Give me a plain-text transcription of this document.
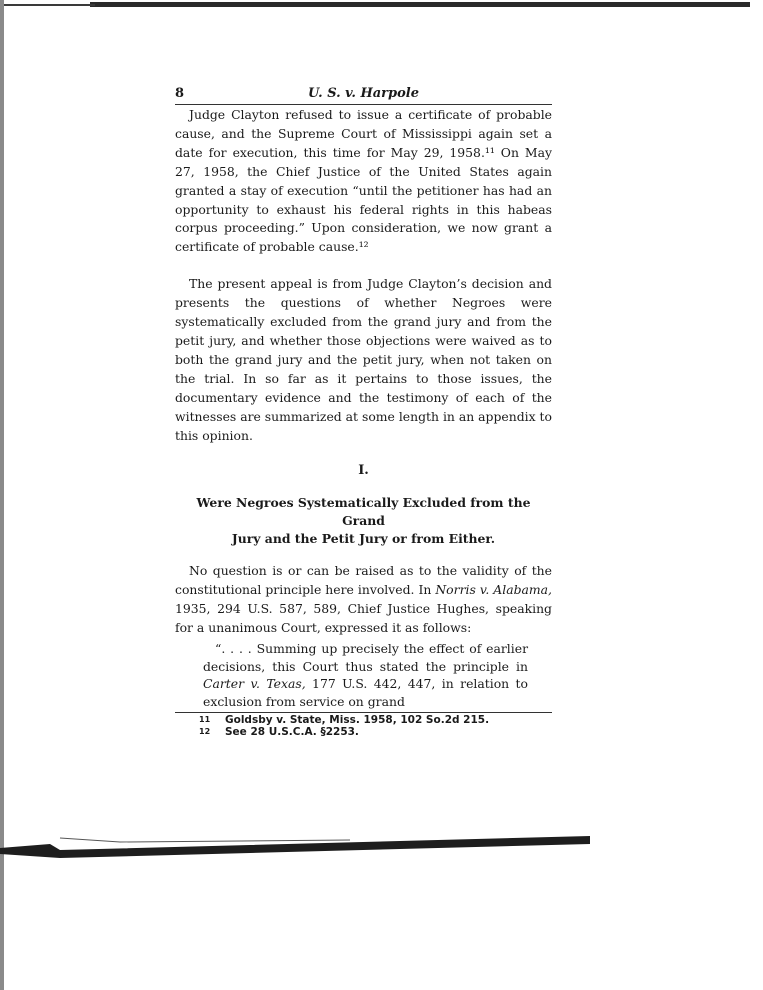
8	U. S. v. Harpole

Judge Clayton refused to issue a certificate of probable cause, and the Supreme Court of Mississippi again set a date for execution, this time for May 29, 1958.¹¹ On May 27, 1958, the Chief Justice of the United States again granted a stay of execution “until the petitioner has had an opportunity to exhaust his federal rights in this habeas corpus proceeding.” Upon consideration, we now grant a certificate of probable cause.¹²

The present appeal is from Judge Clayton’s decision and presents the questions of whether Negroes were systematically excluded from the grand jury and from the petit jury, and whether those objections were waived as to both the grand jury and the petit jury, when not taken on the trial. In so far as it pertains to those issues, the documentary evidence and the testimony of each of the witnesses are summarized at some length in an appendix to this opinion.

I.
Were Negroes Systematically Excluded from the Grand
Jury and the Petit Jury or from Either.

No question is or can be raised as to the validity of the constitutional principle here involved. In Norris v. Alabama, 1935, 294 U.S. 587, 589, Chief Justice Hughes, speaking for a unanimous Court, expressed it as follows:

“. . . . Summing up precisely the effect of earlier decisions, this Court thus stated the principle in Carter v. Texas, 177 U.S. 442, 447, in relation to exclusion from service on grand

11	Goldsby v. State, Miss. 1958, 102 So.2d 215.
12	See 28 U.S.C.A. §2253.
